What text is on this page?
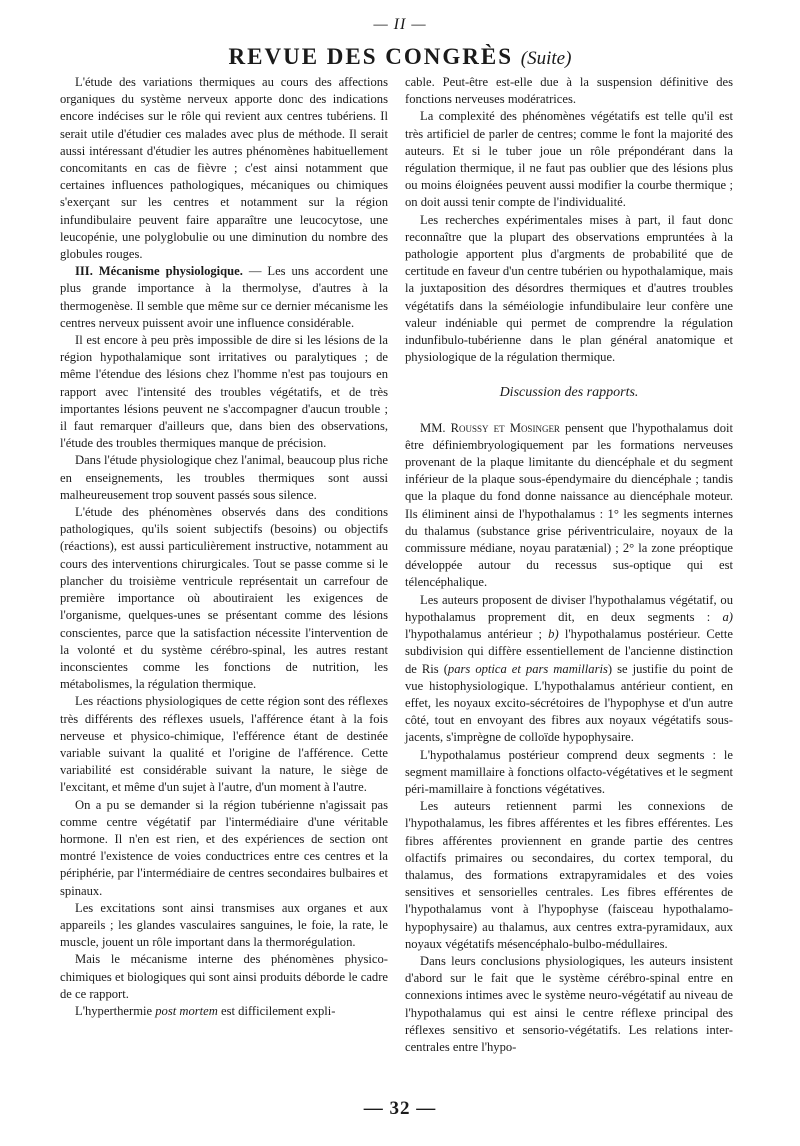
— II —
REVUE DES CONGRÈS (Suite)

L'étude des variations thermiques au cours des affections organiques du système nerveux apporte donc des indications encore indécises sur le rôle qui revient aux centres tubériens. Il serait utile d'étudier ces malades avec plus de méthode. Il serait aussi intéressant d'étudier les autres phénomènes habituellement concomitants en cas de fièvre ; c'est ainsi notamment que certaines influences pathologiques, mécaniques ou chimiques s'exerçant sur les centres et notamment sur la région infundibulaire peuvent faire apparaître une leucocytose, une leucopénie, une polyglobulie ou une diminution du nombre des globules rouges.

III. Mécanisme physiologique. — Les uns accordent une plus grande importance à la thermolyse, d'autres à la thermogenèse. Il semble que même sur ce dernier mécanisme les centres nerveux puissent avoir une influence considérable.

Il est encore à peu près impossible de dire si les lésions de la région hypothalamique sont irritatives ou paralytiques ; de même l'étendue des lésions chez l'homme n'est pas toujours en rapport avec l'intensité des troubles végétatifs, et de très importantes lésions peuvent ne s'accompagner d'aucun trouble ; il faut remarquer d'ailleurs que, dans bien des observations, l'étude des troubles thermiques manque de précision.

Dans l'étude physiologique chez l'animal, beaucoup plus riche en enseignements, les troubles thermiques sont aussi malheureusement trop souvent passés sous silence.

L'étude des phénomènes observés dans des conditions pathologiques, qu'ils soient subjectifs (besoins) ou objectifs (réactions), est aussi particulièrement instructive, notamment au cours des interventions chirurgicales. Tout se passe comme si le plancher du troisième ventricule représentait un carrefour de première importance où aboutiraient les exigences de l'organisme, quelques-unes se présentant comme des lésions conscientes, parce que la satisfaction nécessite l'intervention de la volonté et du système cérébro-spinal, les autres restant inconscientes comme les fonctions de nutrition, les métabolismes, la régulation thermique.

Les réactions physiologiques de cette région sont des réflexes très différents des réflexes usuels, l'afférence étant à la fois nerveuse et physico-chimique, l'efférence étant de destinée variable suivant la qualité et l'origine de l'afférence. Cette variabilité est considérable suivant la nature, le siège de l'excitant, et même d'un sujet à l'autre, d'un moment à l'autre.

On a pu se demander si la région tubérienne n'agissait pas comme centre végétatif par l'intermédiaire d'une véritable hormone. Il n'en est rien, et des expériences de section ont montré l'existence de voies conductrices entre ces centres et la périphérie, par l'intermédiaire de centres secondaires bulbaires et spinaux.

Les excitations sont ainsi transmises aux organes et aux appareils ; les glandes vasculaires sanguines, le foie, la rate, le muscle, jouent un rôle important dans la thermorégulation.

Mais le mécanisme interne des phénomènes physico-chimiques et biologiques qui sont ainsi produits déborde le cadre de ce rapport.

L'hyperthermie post mortem est difficilement expli-

cable. Peut-être est-elle due à la suspension définitive des fonctions nerveuses modératrices.

La complexité des phénomènes végétatifs est telle qu'il est très artificiel de parler de centres; comme le font la majorité des auteurs. Et si le tuber joue un rôle prépondérant dans la régulation thermique, il ne faut pas oublier que des lésions plus ou moins éloignées peuvent aussi modifier la courbe thermique ; on doit aussi tenir compte de l'individualité.

Les recherches expérimentales mises à part, il faut donc reconnaître que la plupart des observations empruntées à la pathologie apportent plus d'argments de probabilité que de certitude en faveur d'un centre tubérien ou hypothalamique, mais la juxtaposition des désordres thermiques et d'autres troubles végétatifs dans la séméiologie infundibulaire leur confère une valeur indéniable qui permet de comprendre la régulation indunfibulo-tubérienne dans le plan général anatomique et physiologique de la régulation thermique.

Discussion des rapports.

MM. Roussy et Mosinger pensent que l'hypothalamus doit être définiembryologiquement par les formations nerveuses provenant de la plaque limitante du diencéphale et du segment inférieur de la plaque sous-épendymaire du diencéphale ; tandis que la plaque du fond donne naissance au diencéphale moteur. Ils éliminent ainsi de l'hypothalamus : 1° les segments internes du thalamus (substance grise périventriculaire, noyaux de la commissure médiane, noyau paratænial) ; 2° la zone préoptique développée autour du recessus sus-optique qui est télencéphalique.

Les auteurs proposent de diviser l'hypothalamus végétatif, ou hypothalamus proprement dit, en deux segments : a) l'hypothalamus antérieur ; b) l'hypothalamus postérieur. Cette subdivision qui diffère essentiellement de l'ancienne distinction de Ris (pars optica et pars mamillaris) se justifie du point de vue histophysiologique. L'hypothalamus antérieur contient, en effet, les noyaux excito-sécrétoires de l'hypophyse et d'un autre côté, tout en envoyant des fibres aux noyaux végétatifs sous-jacents, s'imprègne de colloïde hypophysaire.

L'hypothalamus postérieur comprend deux segments : le segment mamillaire à fonctions olfacto-végétatives et le segment péri-mamillaire à fonctions végétatives.

Les auteurs retiennent parmi les connexions de l'hypothalamus, les fibres afférentes et les fibres efférentes. Les fibres afférentes proviennent en grande partie des centres olfactifs primaires ou secondaires, du cortex temporal, du thalamus, des formations extrapyramidales et des voies sensitives et sensorielles centrales. Les fibres efférentes de l'hypothalamus vont à l'hypophyse (faisceau hypothalamo-hypophysaire) au thalamus, aux centres extra-pyramidaux, aux noyaux végétatifs mésencéphalo-bulbo-médullaires.

Dans leurs conclusions physiologiques, les auteurs insistent d'abord sur le fait que le système cérébro-spinal entre en connexions intimes avec le système neuro-végétatif au niveau de l'hypothalamus qui est ainsi le centre réflexe principal des réflexes sensitivo et sensorio-végétatifs. Les relations inter-centrales entre l'hypo-

— 32 —
